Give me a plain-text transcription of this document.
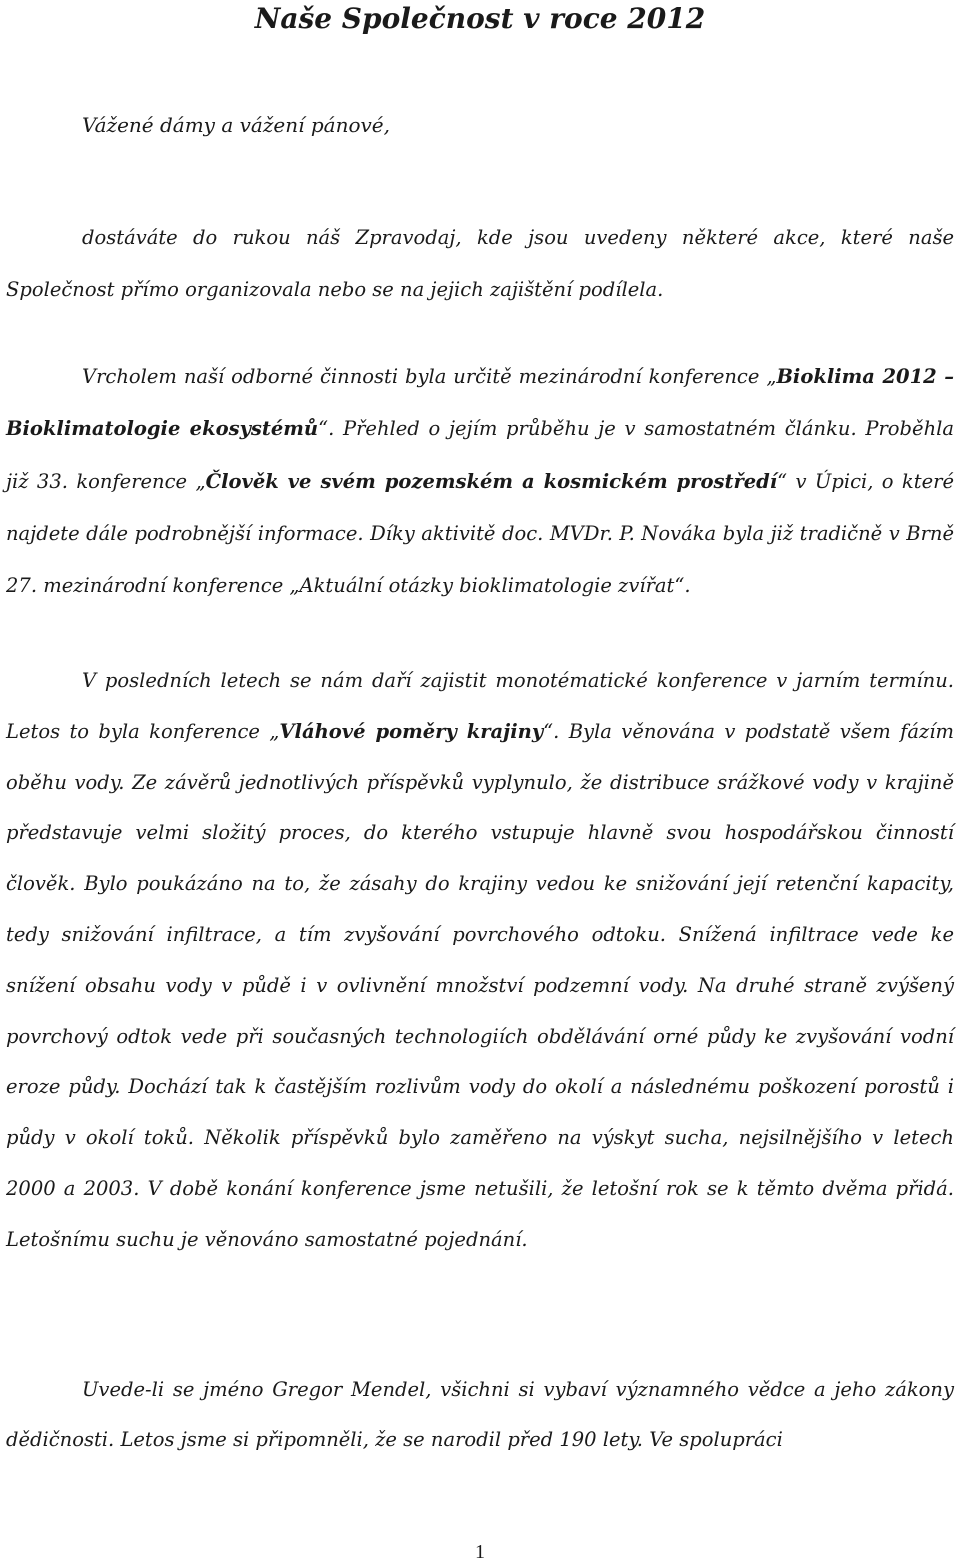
Naše Společnost v roce 2012
Vážené dámy a vážení pánové,

dostáváte do rukou náš Zpravodaj, kde jsou uvedeny některé akce, které naše Společnost přímo organizovala nebo se na jejich zajištění podílela.

Vrcholem naší odborné činnosti byla určitě mezinárodní konference „Bioklima 2012 – Bioklimatologie ekosystémů“. Přehled o jejím průběhu je v samostatném článku. Proběhla již 33. konference „Člověk ve svém pozemském a kosmickém prostředí“ v Úpici, o které najdete dále podrobnější informace. Díky aktivitě doc. MVDr. P. Nováka byla již tradičně v Brně 27. mezinárodní konference „Aktuální otázky bioklimatologie zvířat“.

V posledních letech se nám daří zajistit monotématické konference v jarním termínu. Letos to byla konference „Vláhové poměry krajiny“. Byla věnována v podstatě všem fázím oběhu vody. Ze závěrů jednotlivých příspěvků vyplynulo, že distribuce srážkové vody v krajině představuje velmi složitý proces, do kterého vstupuje hlavně svou hospodářskou činností člověk. Bylo poukázáno na to, že zásahy do krajiny vedou ke snižování její retenční kapacity, tedy snižování infiltrace, a tím zvyšování povrchového odtoku. Snížená infiltrace vede ke snížení obsahu vody v půdě i v ovlivnění množství podzemní vody. Na druhé straně zvýšený povrchový odtok vede při současných technologiích obdělávání orné půdy ke zvyšování vodní eroze půdy. Dochází tak k častějším rozlivům vody do okolí a následnému poškození porostů i půdy v okolí toků. Několik příspěvků bylo zaměřeno na výskyt sucha, nejsilnějšího v letech 2000 a 2003. V době konání konference jsme netušili, že letošní rok se k těmto dvěma přidá. Letošnímu suchu je věnováno samostatné pojednání.

Uvede-li se jméno Gregor Mendel, všichni si vybaví významného vědce a jeho zákony dědičnosti. Letos jsme si připomněli, že se narodil před 190 lety. Ve spolupráci

1
